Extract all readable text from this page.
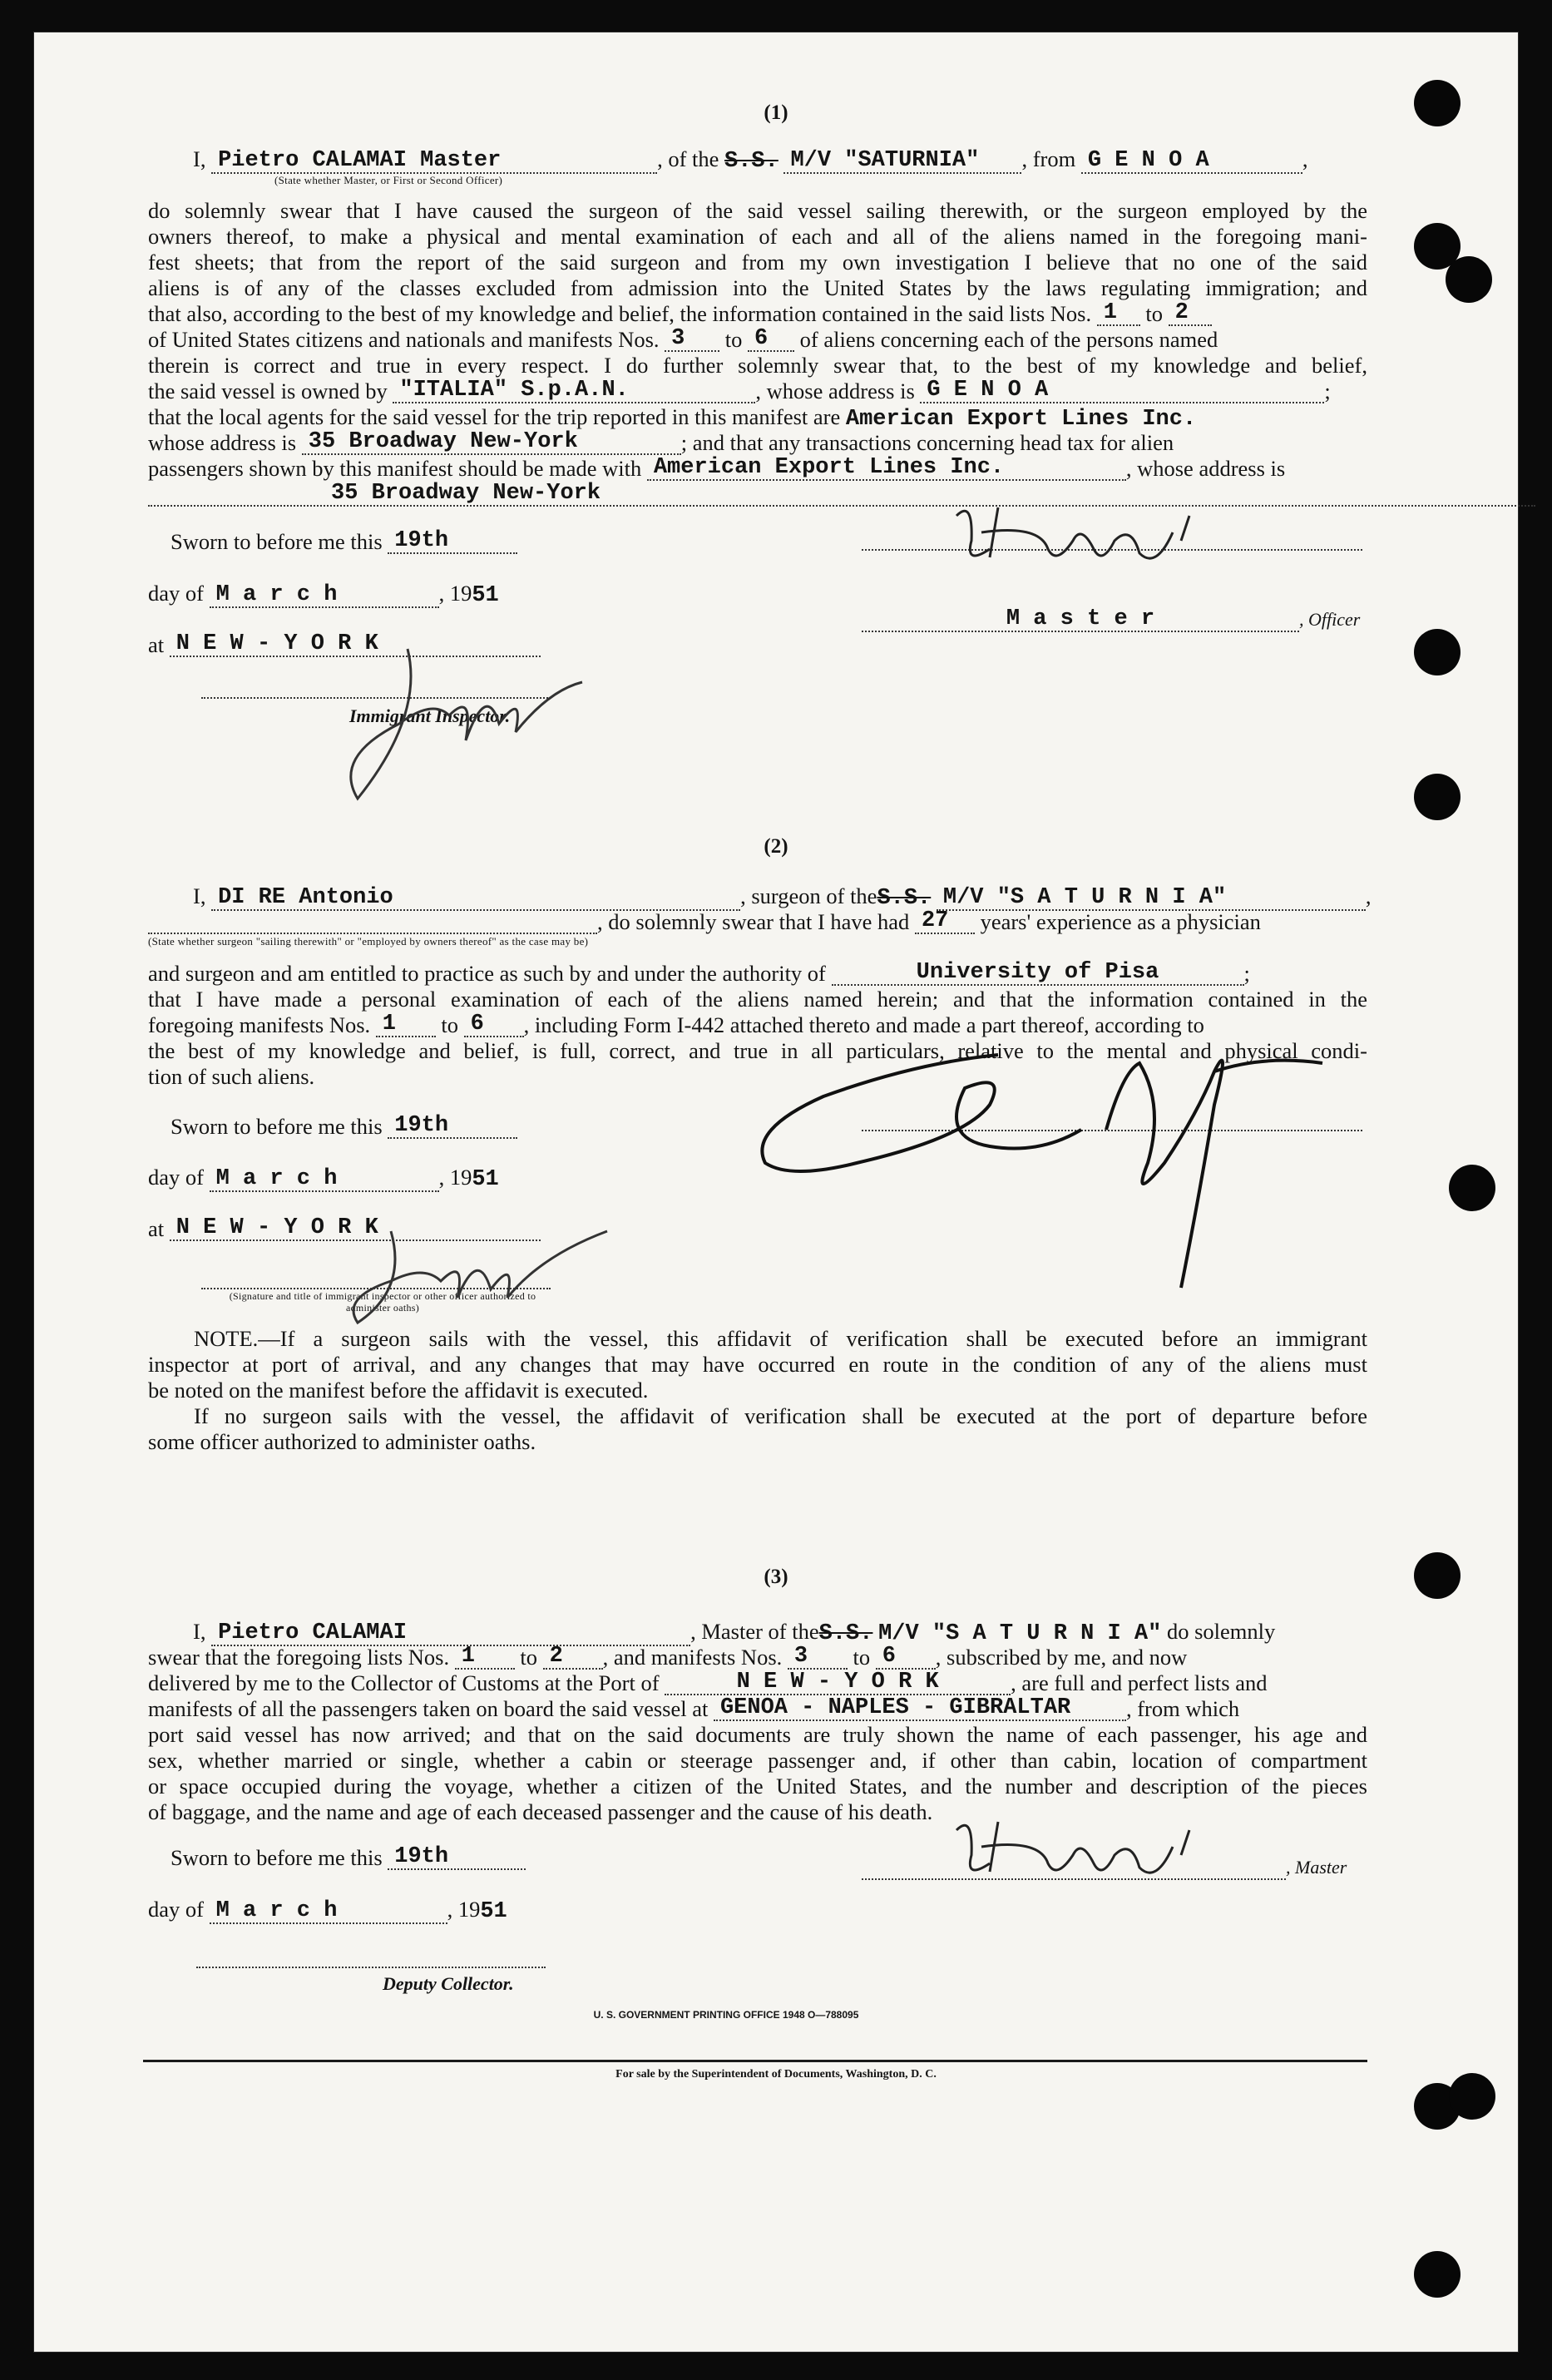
(1)
I, Pietro CALAMAI Master	, of the S.S. M/V "SATURNIA" , from G E N O A	,
(State whether Master, or First or Second Officer)
do solemnly swear that I have caused the surgeon of the said vessel sailing therewith, or the surgeon employed by the
owners thereof, to make a physical and mental examination of each and all of the aliens named in the foregoing mani-
fest sheets; that from the report of the said surgeon and from my own investigation I believe that no one of the said
aliens is of any of the classes excluded from admission into the United States by the laws regulating immigration; and
that also, according to the best of my knowledge and belief, the information contained in the said lists Nos. 1 to 2
of United States citizens and nationals and manifests Nos. 3 to 6 of aliens concerning each of the persons named
therein is correct and true in every respect. I do further solemnly swear that, to the best of my knowledge and belief,
the said vessel is owned by "ITALIA" S.p.A.N.	, whose address is G E N O A	;
that the local agents for the said vessel for the trip reported in this manifest are American Export Lines Inc.
whose address is 35 Broadway New-York	; and that any transactions concerning head tax for alien
passengers shown by this manifest should be made with American Export Lines Inc.	, whose address is
35 Broadway New-York
Sworn to before me this 19th
day of M a r c h	, 1951
at N E W - Y O R K
Immigrant Inspector.
M a s t e r	, Officer
(2)
I, DI RE Antonio	, surgeon of theS.S. M/V "S A T U R N I A"	,
, do solemnly swear that I have had 27 years' experience as a physician
(State whether surgeon "sailing therewith" or "employed by owners thereof" as the case may be)
and surgeon and am entitled to practice as such by and under the authority of	University of Pisa	;
that I have made a personal examination of each of the aliens named herein; and that the information contained in the
foregoing manifests Nos. 1 to 6 , including Form I-442 attached thereto and made a part thereof, according to
the best of my knowledge and belief, is full, correct, and true in all particulars, relative to the mental and physical condi-
tion of such aliens.
Sworn to before me this 19th
day of M a r c h	, 1951
at N E W - Y O R K
(Signature and title of immigrant inspector or other officer authorized to administer oaths)
NOTE.—If a surgeon sails with the vessel, this affidavit of verification shall be executed before an immigrant
inspector at port of arrival, and any changes that may have occurred en route in the condition of any of the aliens must
be noted on the manifest before the affidavit is executed.
If no surgeon sails with the vessel, the affidavit of verification shall be executed at the port of departure before
some officer authorized to administer oaths.
(3)
I, Pietro CALAMAI	, Master of theS.S. M/V "S A T U R N I A" do solemnly
swear that the foregoing lists Nos. 1 to 2 , and manifests Nos. 3 to 6 , subscribed by me, and now
delivered by me to the Collector of Customs at the Port of	N E W - Y O R K	, are full and perfect lists and
manifests of all the passengers taken on board the said vessel at GENOA - NAPLES - GIBRALTAR	, from which
port said vessel has now arrived; and that on the said documents are truly shown the name of each passenger, his age and
sex, whether married or single, whether a cabin or steerage passenger and, if other than cabin, location of compartment
or space occupied during the voyage, whether a citizen of the United States, and the number and description of the pieces
of baggage, and the name and age of each deceased passenger and the cause of his death.
Sworn to before me this 19th
day of M a r c h	, 1951
Deputy Collector.
, Master
U. S. GOVERNMENT PRINTING OFFICE 1948 O—788095
For sale by the Superintendent of Documents, Washington, D. C.
